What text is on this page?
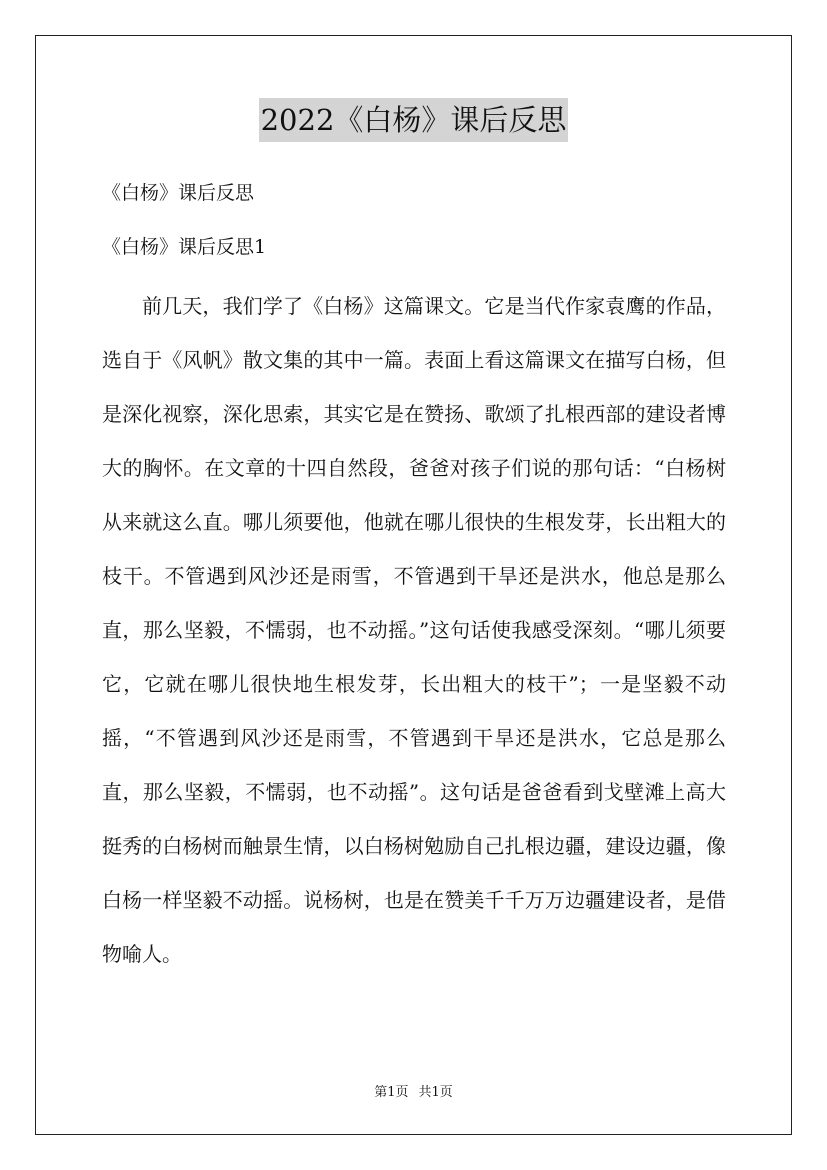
2022《白杨》课后反思
《白杨》课后反思
《白杨》课后反思1

前几天，我们学了《白杨》这篇课文。它是当代作家袁鹰的作品，选自于《风帆》散文集的其中一篇。表面上看这篇课文在描写白杨，但是深化视察，深化思索，其实它是在赞扬、歌颂了扎根西部的建设者博大的胸怀。在文章的十四自然段，爸爸对孩子们说的那句话：“白杨树从来就这么直。哪儿须要他，他就在哪儿很快的生根发芽，长出粗大的枝干。不管遇到风沙还是雨雪，不管遇到干旱还是洪水，他总是那么直，那么坚毅，不懦弱，也不动摇。”这句话使我感受深刻。“哪儿须要它，它就在哪儿很快地生根发芽，长出粗大的枝干”；一是坚毅不动摇，“不管遇到风沙还是雨雪，不管遇到干旱还是洪水，它总是那么直，那么坚毅，不懦弱，也不动摇”。这句话是爸爸看到戈壁滩上高大挺秀的白杨树而触景生情，以白杨树勉励自己扎根边疆，建设边疆，像白杨一样坚毅不动摇。说杨树，也是在赞美千千万万边疆建设者，是借物喻人。

第1页 共1页
